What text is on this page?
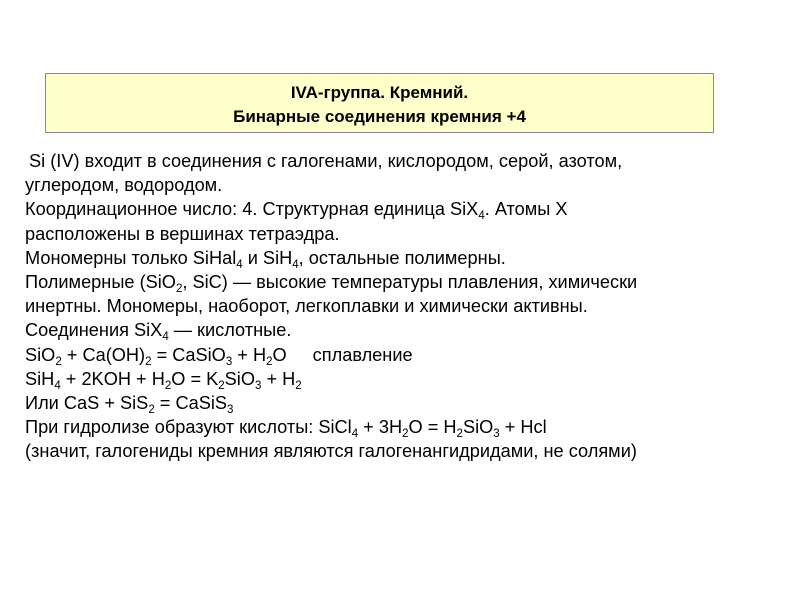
IVA-группа. Кремний.
Бинарные соединения кремния +4
Si (IV) входит в соединения с галогенами, кислородом, серой, азотом,
углеродом, водородом.
Координационное число: 4. Структурная единица SiX$_4$. Атомы X
расположены в вершинах тетраэдра.
Мономерны только SiHal$_4$ и SiH$_4$, остальные полимерны.
Полимерные (SiO$_2$, SiC) — высокие температуры плавления, химически
инертны. Мономеры, наоборот, легкоплавки и химически активны.
Соединения SiX$_4$ — кислотные.
$SiO_2 + Ca(OH)_2$ = CaSiO$_3$ + $H_2O$ сплавление
$SiH_4 + 2KOH + H_2O = K_2SiO_3 + H_2$
Или CaS + SiS$_2$ = CaSiS$_3$
При гидролизе образуют кислоты: SiCl$_4$ + $3H_2O = H_2SiO_3$ + Hcl
(значит, галогениды кремния являются галогенангидридами, не солями)
